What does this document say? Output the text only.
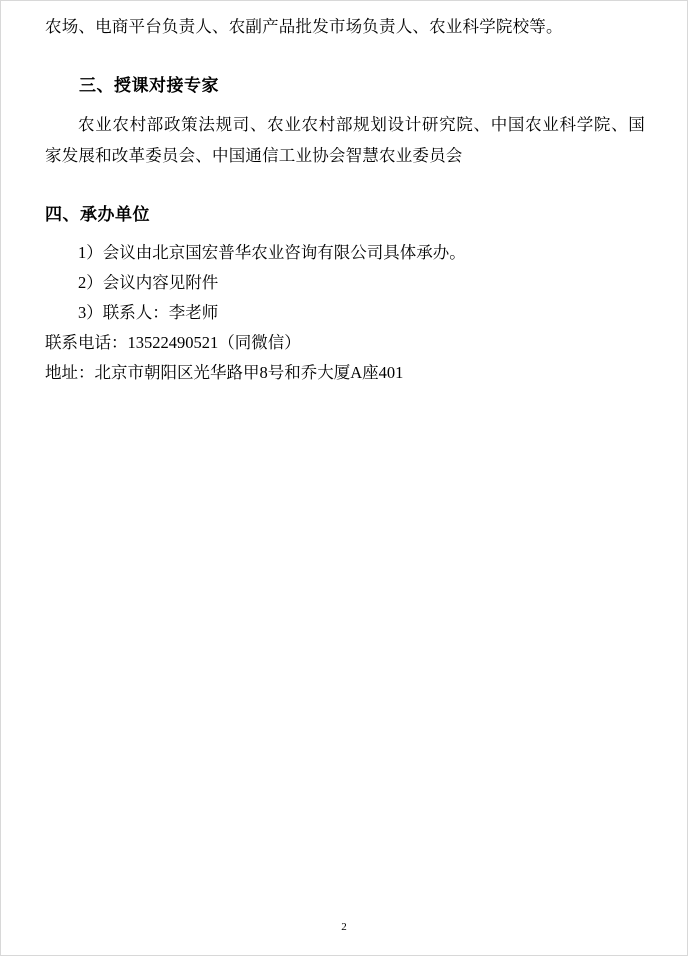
农场、电商平台负责人、农副产品批发市场负责人、农业科学院校等。

三、授课对接专家

农业农村部政策法规司、农业农村部规划设计研究院、中国农业科学院、国家发展和改革委员会、中国通信工业协会智慧农业委员会

四、承办单位

1）会议由北京国宏普华农业咨询有限公司具体承办。

2）会议内容见附件

3）联系人：李老师

联系电话：13522490521（同微信）

地址：北京市朝阳区光华路甲8号和乔大厦A座401

2
